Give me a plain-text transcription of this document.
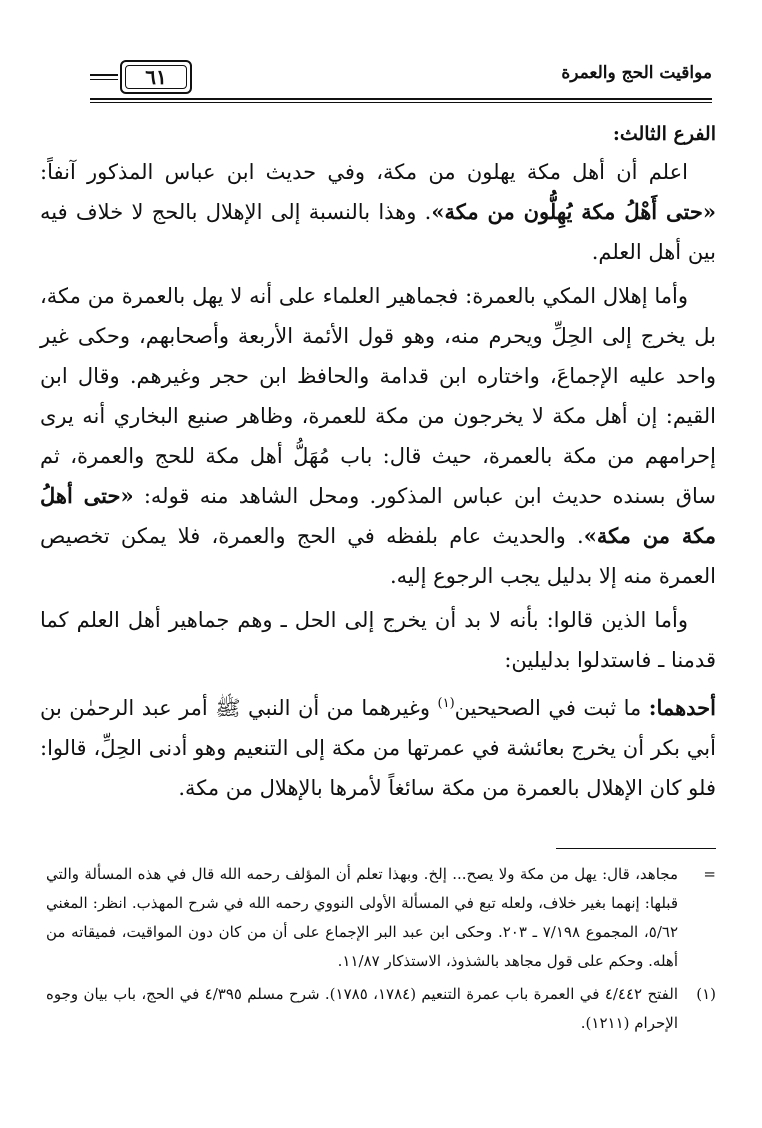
٦١	مواقيت الحج والعمرة
الفرع الثالث:

اعلم أن أهل مكة يهلون من مكة، وفي حديث ابن عباس المذكور آنفاً: «حتى أَهْلُ مكة يُهِلُّون من مكة». وهذا بالنسبة إلى الإهلال بالحج لا خلاف فيه بين أهل العلم.

وأما إهلال المكي بالعمرة: فجماهير العلماء على أنه لا يهل بالعمرة من مكة، بل يخرج إلى الحِلِّ ويحرم منه، وهو قول الأئمة الأربعة وأصحابهم، وحكى غير واحد عليه الإجماعَ، واختاره ابن قدامة والحافظ ابن حجر وغيرهم. وقال ابن القيم: إن أهل مكة لا يخرجون من مكة للعمرة، وظاهر صنيع البخاري أنه يرى إحرامهم من مكة بالعمرة، حيث قال: باب مُهَلُّ أهل مكة للحج والعمرة، ثم ساق بسنده حديث ابن عباس المذكور. ومحل الشاهد منه قوله: «حتى أهلُ مكة من مكة». والحديث عام بلفظه في الحج والعمرة، فلا يمكن تخصيص العمرة منه إلا بدليل يجب الرجوع إليه.

وأما الذين قالوا: بأنه لا بد أن يخرج إلى الحل ـ وهم جماهير أهل العلم كما قدمنا ـ فاستدلوا بدليلين:

أحدهما: ما ثبت في الصحيحين$^{(١)}$ وغيرهما من أن النبي ﷺ أمر عبد الرحمٰن بن أبي بكر أن يخرج بعائشة في عمرتها من مكة إلى التنعيم وهو أدنى الحِلِّ، قالوا: فلو كان الإهلال بالعمرة من مكة سائغاً لأمرها بالإهلال من مكة.

=
مجاهد، قال: يهل من مكة ولا يصح... إلخ. وبهذا تعلم أن المؤلف رحمه الله قال في هذه المسألة والتي قبلها: إنهما بغير خلاف، ولعله تبع في المسألة الأولى النووي رحمه الله في شرح المهذب. انظر: المغني ٥/٦٢، المجموع ٧/١٩٨ ـ ٢٠٣. وحكى ابن عبد البر الإجماع على أن من كان دون المواقيت، فميقاته من أهله. وحكم على قول مجاهد بالشذوذ، الاستذكار ١١/٨٧.
(١)
الفتح ٤/٤٤٢ في العمرة باب عمرة التنعيم (١٧٨٤، ١٧٨٥). شرح مسلم ٤/٣٩٥ في الحج، باب بيان وجوه الإحرام (١٢١١).
